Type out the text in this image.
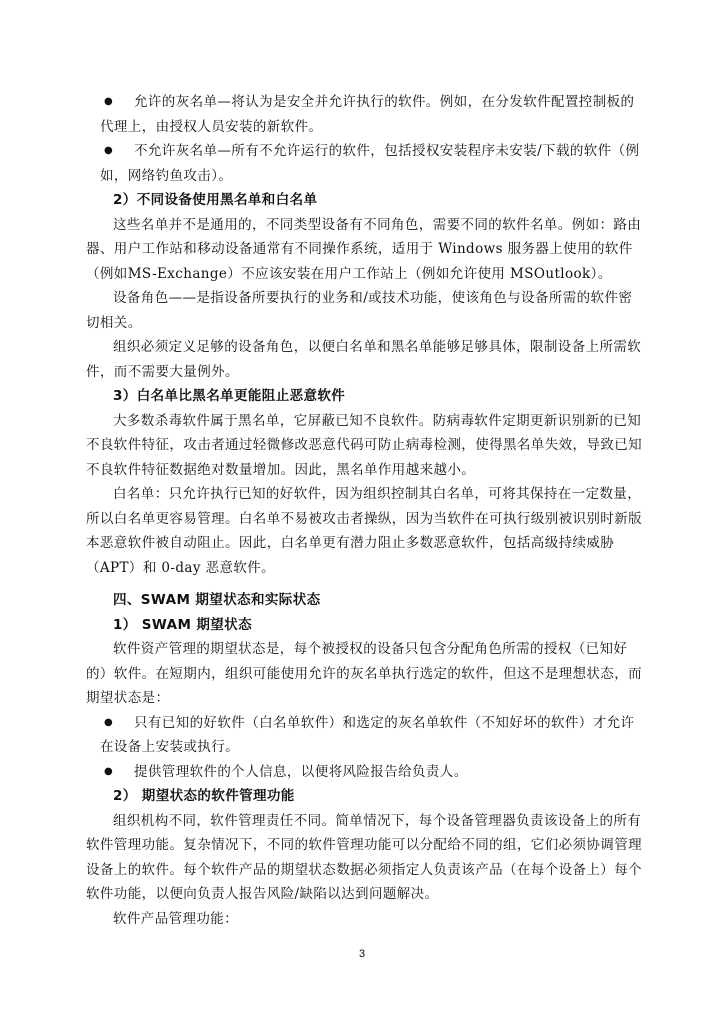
●	允许的灰名单—将认为是安全并允许执行的软件。例如，在分发软件配置控制板的代理上，由授权人员安装的新软件。

●	不允许灰名单—所有不允许运行的软件，包括授权安装程序未安装/下载的软件（例如，网络钓鱼攻击）。

2）不同设备使用黑名单和白名单

这些名单并不是通用的，不同类型设备有不同角色，需要不同的软件名单。例如：路由器、用户工作站和移动设备通常有不同操作系统，适用于 Windows 服务器上使用的软件（例如MS-Exchange）不应该安装在用户工作站上（例如允许使用 MSOutlook）。

设备角色——是指设备所要执行的业务和/或技术功能，使该角色与设备所需的软件密切相关。

组织必须定义足够的设备角色，以便白名单和黑名单能够足够具体，限制设备上所需软件，而不需要大量例外。

3）白名单比黑名单更能阻止恶意软件

大多数杀毒软件属于黑名单，它屏蔽已知不良软件。防病毒软件定期更新识别新的已知不良软件特征，攻击者通过轻微修改恶意代码可防止病毒检测，使得黑名单失效，导致已知不良软件特征数据绝对数量增加。因此，黑名单作用越来越小。

白名单：只允许执行已知的好软件，因为组织控制其白名单，可将其保持在一定数量，所以白名单更容易管理。白名单不易被攻击者操纵，因为当软件在可执行级别被识别时新版本恶意软件被自动阻止。因此，白名单更有潜力阻止多数恶意软件，包括高级持续威胁（APT）和 0-day 恶意软件。

四、SWAM 期望状态和实际状态

1） SWAM 期望状态

软件资产管理的期望状态是，每个被授权的设备只包含分配角色所需的授权（已知好的）软件。在短期内，组织可能使用允许的灰名单执行选定的软件，但这不是理想状态，而期望状态是：

●	只有已知的好软件（白名单软件）和选定的灰名单软件（不知好坏的软件）才允许在设备上安装或执行。

●	提供管理软件的个人信息，以便将风险报告给负责人。

2） 期望状态的软件管理功能

组织机构不同，软件管理责任不同。简单情况下，每个设备管理器负责该设备上的所有软件管理功能。复杂情况下，不同的软件管理功能可以分配给不同的组，它们必须协调管理设备上的软件。每个软件产品的期望状态数据必须指定人负责该产品（在每个设备上）每个软件功能，以便向负责人报告风险/缺陷以达到问题解决。

软件产品管理功能：

3
